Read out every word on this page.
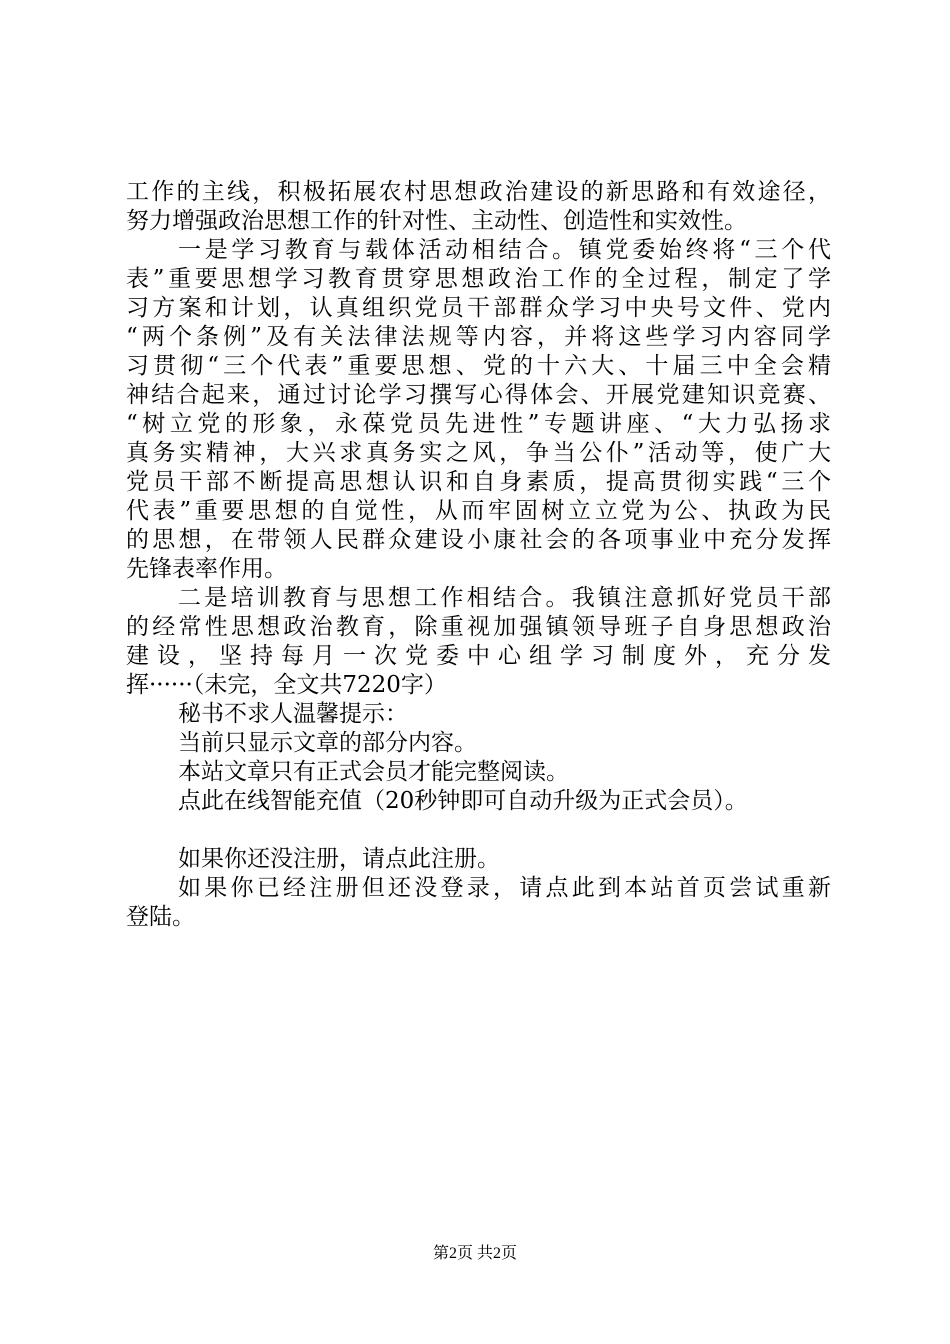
工作的主线，积极拓展农村思想政治建设的新思路和有效途径，
努力增强政治思想工作的针对性、主动性、创造性和实效性。
一是学习教育与载体活动相结合。镇党委始终将“三个代
表”重要思想学习教育贯穿思想政治工作的全过程，制定了学
习方案和计划，认真组织党员干部群众学习中央号文件、党内
“两个条例”及有关法律法规等内容，并将这些学习内容同学
习贯彻“三个代表”重要思想、党的十六大、十届三中全会精
神结合起来，通过讨论学习撰写心得体会、开展党建知识竞赛、
“树立党的形象，永葆党员先进性”专题讲座、“大力弘扬求
真务实精神，大兴求真务实之风，争当公仆”活动等，使广大
党员干部不断提高思想认识和自身素质，提高贯彻实践“三个
代表”重要思想的自觉性，从而牢固树立立党为公、执政为民
的思想，在带领人民群众建设小康社会的各项事业中充分发挥
先锋表率作用。
二是培训教育与思想工作相结合。我镇注意抓好党员干部
的经常性思想政治教育，除重视加强镇领导班子自身思想政治
建设，坚持每月一次党委中心组学习制度外，充分发
挥······（未完，全文共7220字）
秘书不求人温馨提示：
当前只显示文章的部分内容。
本站文章只有正式会员才能完整阅读。
点此在线智能充值（20秒钟即可自动升级为正式会员）。
如果你还没注册，请点此注册。
如果你已经注册但还没登录，请点此到本站首页尝试重新
登陆。
第2页 共2页
